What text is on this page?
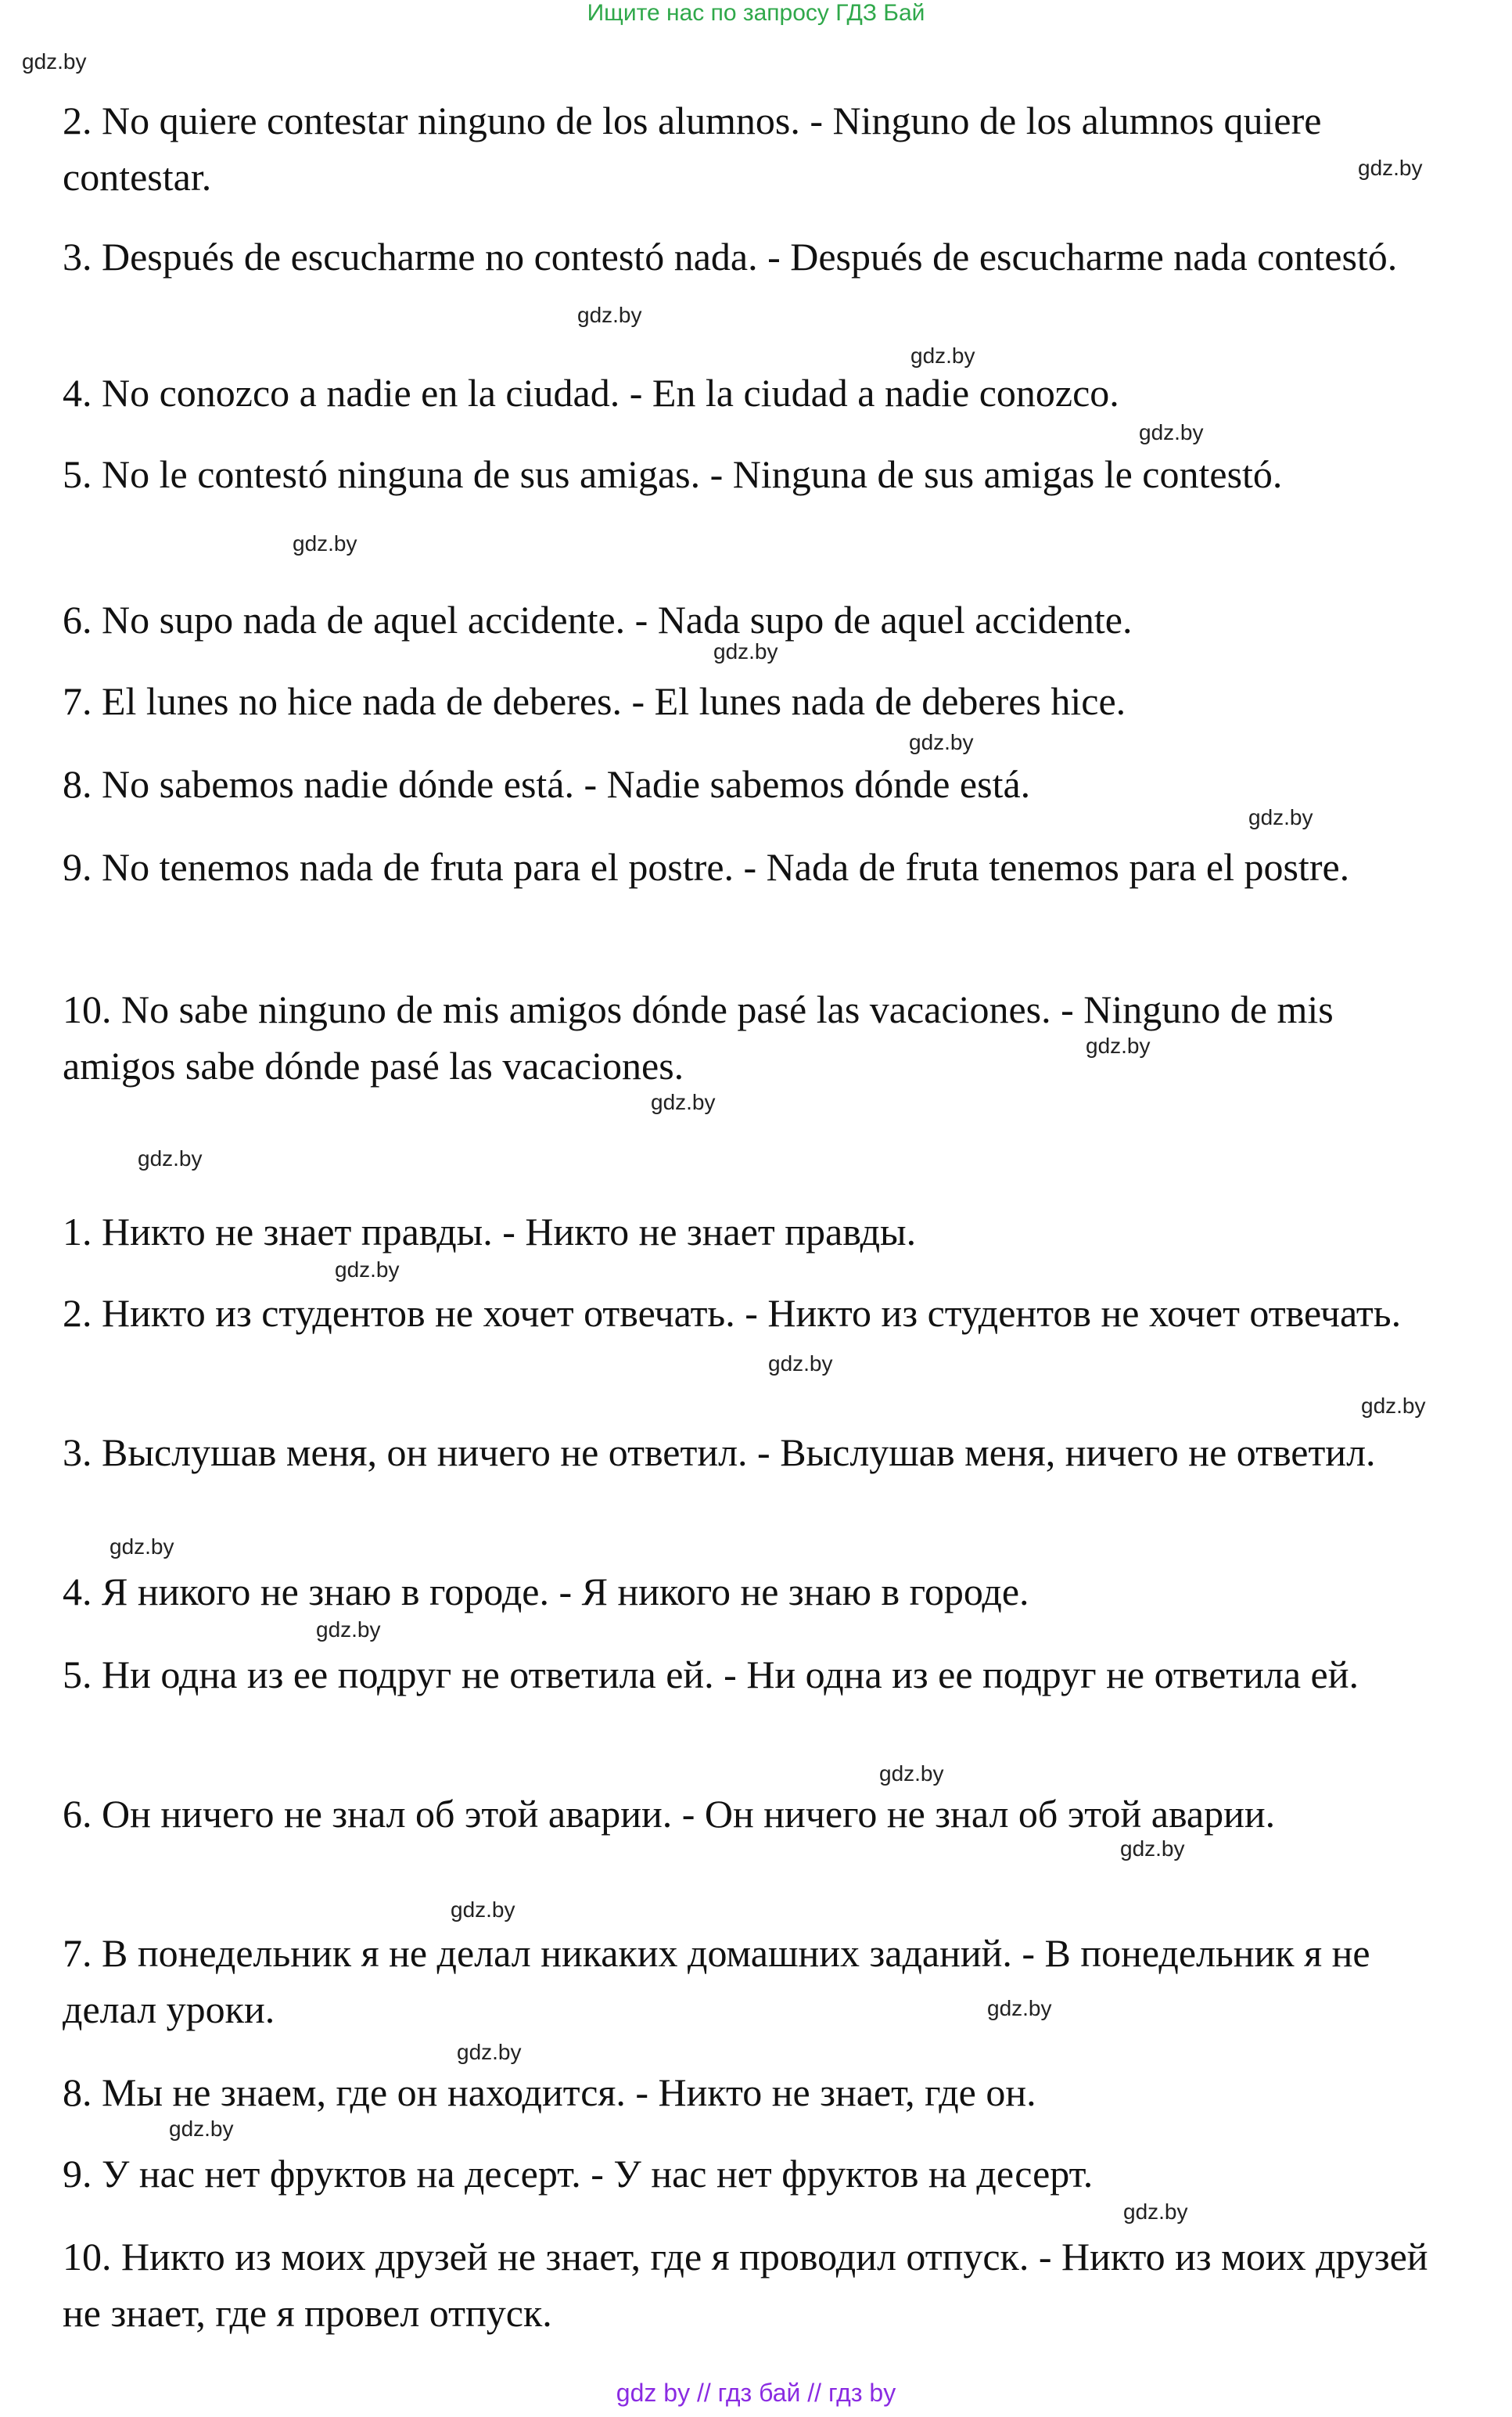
Ищите нас по запросу ГДЗ Бай

2. No quiere contestar ninguno de los alumnos. - Ninguno de los alumnos quiere contestar.

3. Después de escucharme no contestó nada. - Después de escucharme nada contestó.

4. No conozco a nadie en la ciudad. - En la ciudad a nadie conozco.

5. No le contestó ninguna de sus amigas. - Ninguna de sus amigas le contestó.

6. No supo nada de aquel accidente. - Nada supo de aquel accidente.

7. El lunes no hice nada de deberes. - El lunes nada de deberes hice.

8. No sabemos nadie dónde está. - Nadie sabemos dónde está.

9. No tenemos nada de fruta para el postre. - Nada de fruta tenemos para el postre.

10. No sabe ninguno de mis amigos dónde pasé las vacaciones. - Ninguno de mis amigos sabe dónde pasé las vacaciones.

1. Никто не знает правды. - Никто не знает правды.

2. Никто из студентов не хочет отвечать. - Никто из студентов не хочет отвечать.

3. Выслушав меня, он ничего не ответил. - Выслушав меня, ничего не ответил.

4. Я никого не знаю в городе. - Я никого не знаю в городе.

5. Ни одна из ее подруг не ответила ей. - Ни одна из ее подруг не ответила ей.

6. Он ничего не знал об этой аварии. - Он ничего не знал об этой аварии.

7. В понедельник я не делал никаких домашних заданий. - В понедельник я не делал уроки.

8. Мы не знаем, где он находится. - Никто не знает, где он.

9. У нас нет фруктов на десерт. - У нас нет фруктов на десерт.

10. Никто из моих друзей не знает, где я проводил отпуск. - Никто из моих друзей не знает, где я провел отпуск.

gdz.by
gdz.by
gdz.by
gdz.by
gdz.by
gdz.by
gdz.by
gdz.by
gdz.by
gdz.by
gdz.by
gdz.by
gdz.by
gdz.by
gdz.by
gdz.by
gdz.by
gdz.by
gdz.by
gdz.by
gdz.by
gdz.by
gdz.by
gdz.by
gdz by // гдз бай // гдз by
